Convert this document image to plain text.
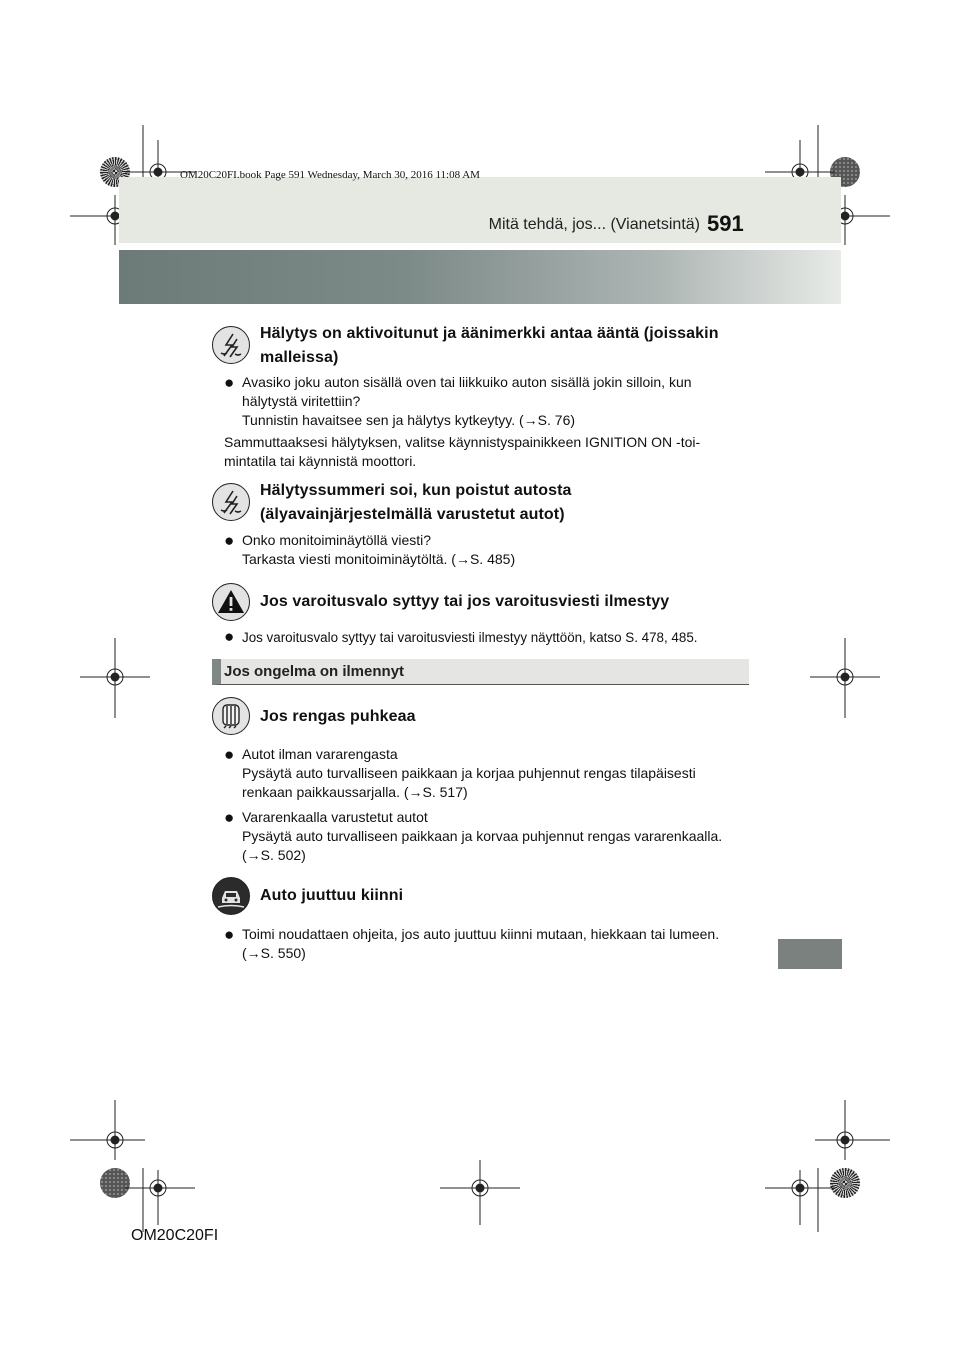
OM20C20FI.book Page 591 Wednesday, March 30, 2016 11:08 AM
Mitä tehdä, jos... (Vianetsintä) 591
Hälytys on aktivoitunut ja äänimerkki antaa ääntä (joissakin
malleissa)
● Avasiko joku auton sisällä oven tai liikkuiko auton sisällä jokin silloin, kun
hälytystä viritettiin?
Tunnistin havaitsee sen ja hälytys kytkeytyy. (→S. 76)
Sammuttaaksesi hälytyksen, valitse käynnistyspainikkeen IGNITION ON -toi-
mintatila tai käynnistä moottori.
Hälytyssummeri soi, kun poistut autosta
(älyavainjärjestelmällä varustetut autot)
● Onko monitoiminäytöllä viesti?
Tarkasta viesti monitoiminäytöltä. (→S. 485)
Jos varoitusvalo syttyy tai jos varoitusviesti ilmestyy
● Jos varoitusvalo syttyy tai varoitusviesti ilmestyy näyttöön, katso S. 478, 485.
Jos ongelma on ilmennyt
Jos rengas puhkeaa
● Autot ilman vararengasta
Pysäytä auto turvalliseen paikkaan ja korjaa puhjennut rengas tilapäisesti
renkaan paikkaussarjalla. (→S. 517)
● Vararenkaalla varustetut autot
Pysäytä auto turvalliseen paikkaan ja korvaa puhjennut rengas vararenkaalla.
(→S. 502)
Auto juuttuu kiinni
● Toimi noudattaen ohjeita, jos auto juuttuu kiinni mutaan, hiekkaan tai lumeen.
(→S. 550)
OM20C20FI
